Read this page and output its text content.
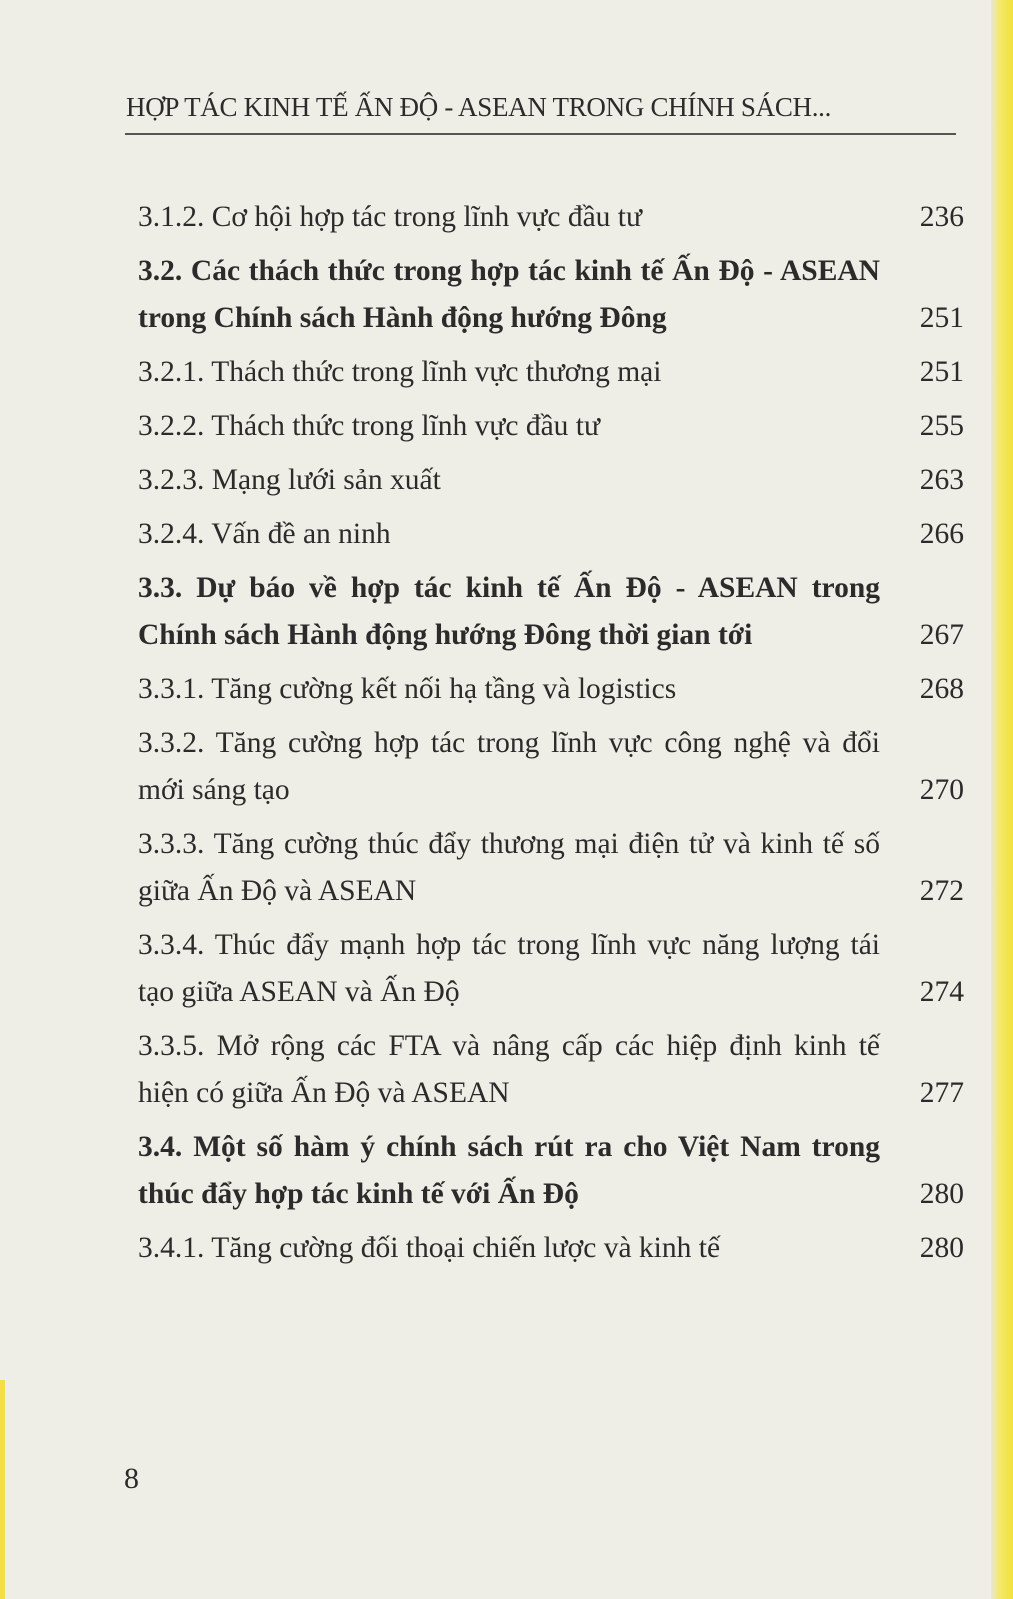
HỢP TÁC KINH TẾ ẤN ĐỘ - ASEAN TRONG CHÍNH SÁCH...
3.1.2. Cơ hội hợp tác trong lĩnh vực đầu tư	236
3.2. Các thách thức trong hợp tác kinh tế Ấn Độ - ASEAN trong Chính sách Hành động hướng Đông	251
3.2.1. Thách thức trong lĩnh vực thương mại	251
3.2.2. Thách thức trong lĩnh vực đầu tư	255
3.2.3. Mạng lưới sản xuất	263
3.2.4. Vấn đề an ninh	266
3.3. Dự báo về hợp tác kinh tế Ấn Độ - ASEAN trong Chính sách Hành động hướng Đông thời gian tới	267
3.3.1. Tăng cường kết nối hạ tầng và logistics	268
3.3.2. Tăng cường hợp tác trong lĩnh vực công nghệ và đổi mới sáng tạo	270
3.3.3. Tăng cường thúc đẩy thương mại điện tử và kinh tế số giữa Ấn Độ và ASEAN	272
3.3.4. Thúc đẩy mạnh hợp tác trong lĩnh vực năng lượng tái tạo giữa ASEAN và Ấn Độ	274
3.3.5. Mở rộng các FTA và nâng cấp các hiệp định kinh tế hiện có giữa Ấn Độ và ASEAN	277
3.4. Một số hàm ý chính sách rút ra cho Việt Nam trong thúc đẩy hợp tác kinh tế với Ấn Độ	280
3.4.1. Tăng cường đối thoại chiến lược và kinh tế	280
8
